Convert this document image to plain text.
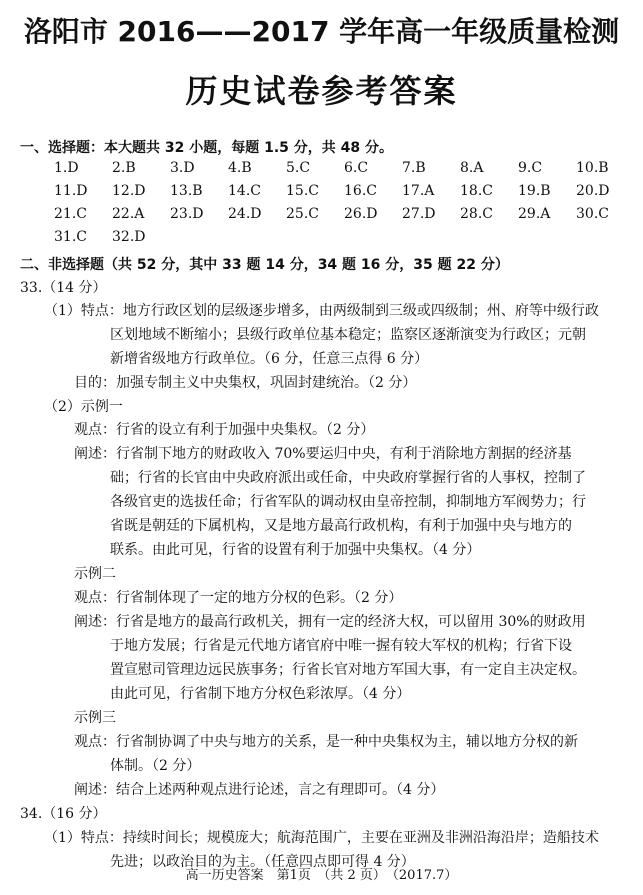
洛阳市 2016——2017 学年高一年级质量检测
历史试卷参考答案
一、选择题：本大题共 32 小题，每题 1.5 分，共 48 分。
1.D 2.B 3.D 4.B 5.C 6.C 7.B 8.A 9.C 10.B
11.D 12.D 13.B 14.C 15.C 16.C 17.A 18.C 19.B 20.D
21.C 22.A 23.D 24.D 25.C 26.D 27.D 28.C 29.A 30.C
31.C 32.D
二、非选择题（共 52 分，其中 33 题 14 分，34 题 16 分，35 题 22 分）
33.（14 分）
（1）特点：地方行政区划的层级逐步增多，由两级制到三级或四级制；州、府等中级行政
区划地域不断缩小；县级行政单位基本稳定；监察区逐渐演变为行政区；元朝
新增省级地方行政单位。（6 分，任意三点得 6 分）
目的：加强专制主义中央集权，巩固封建统治。（2 分）
（2）示例一
观点：行省的设立有利于加强中央集权。（2 分）
阐述：行省制下地方的财政收入 70%要运归中央，有利于消除地方割据的经济基
础；行省的长官由中央政府派出或任命，中央政府掌握行省的人事权，控制了
各级官吏的选拔任命；行省军队的调动权由皇帝控制，抑制地方军阀势力；行
省既是朝廷的下属机构，又是地方最高行政机构，有利于加强中央与地方的
联系。由此可见，行省的设置有利于加强中央集权。（4 分）
示例二
观点：行省制体现了一定的地方分权的色彩。（2 分）
阐述：行省是地方的最高行政机关，拥有一定的经济大权，可以留用 30%的财政用
于地方发展；行省是元代地方诸官府中唯一握有较大军权的机构；行省下设
置宣慰司管理边远民族事务；行省长官对地方军国大事，有一定自主决定权。
由此可见，行省制下地方分权色彩浓厚。（4 分）
示例三
观点：行省制协调了中央与地方的关系，是一种中央集权为主，辅以地方分权的新
体制。（2 分）
阐述：结合上述两种观点进行论述，言之有理即可。（4 分）
34.（16 分）
（1）特点：持续时间长；规模庞大；航海范围广，主要在亚洲及非洲沿海沿岸；造船技术
先进；以政治目的为主。（任意四点即可得 4 分）
高一历史答案　第1页　（共 2 页）　（2017.7）
